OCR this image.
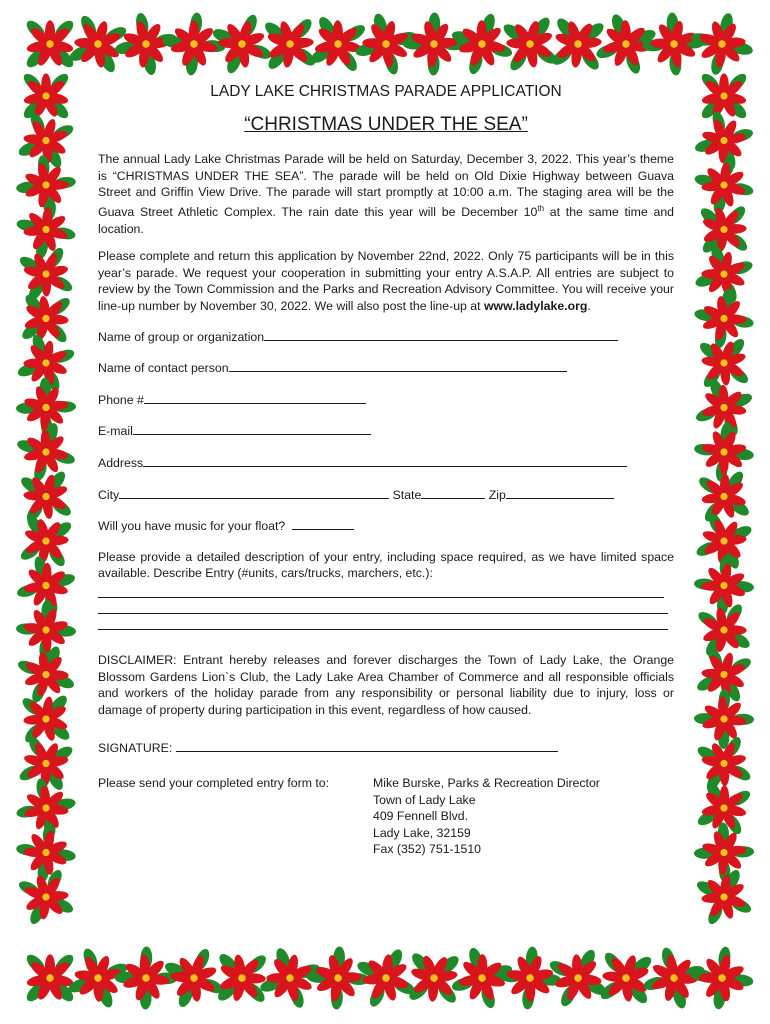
LADY LAKE CHRISTMAS PARADE APPLICATION
“CHRISTMAS UNDER THE SEA”

The annual Lady Lake Christmas Parade will be held on Saturday, December 3, 2022. This year’s theme is “CHRISTMAS UNDER THE SEA”. The parade will be held on Old Dixie Highway between Guava Street and Griffin View Drive. The parade will start promptly at 10:00 a.m. The staging area will be the Guava Street Athletic Complex. The rain date this year will be December 10th at the same time and location.

Please complete and return this application by November 22nd, 2022. Only 75 participants will be in this year’s parade. We request your cooperation in submitting your entry A.S.A.P. All entries are subject to review by the Town Commission and the Parks and Recreation Advisory Committee. You will receive your line-up number by November 30, 2022. We will also post the line-up at www.ladylake.org.

Name of group or organization
Name of contact person
Phone #
E-mail
Address
City	State	Zip
Will you have music for your float?

Please provide a detailed description of your entry, including space required, as we have limited space available. Describe Entry (#units, cars/trucks, marchers, etc.):

DISCLAIMER: Entrant hereby releases and forever discharges the Town of Lady Lake, the Orange Blossom Gardens Lion`s Club, the Lady Lake Area Chamber of Commerce and all responsible officials and workers of the holiday parade from any responsibility or personal liability due to injury, loss or damage of property during participation in this event, regardless of how caused.

SIGNATURE:
Please send your completed entry form to:	Mike Burske, Parks & Recreation Director
Town of Lady Lake
409 Fennell Blvd.
Lady Lake, 32159
Fax (352) 751-1510
